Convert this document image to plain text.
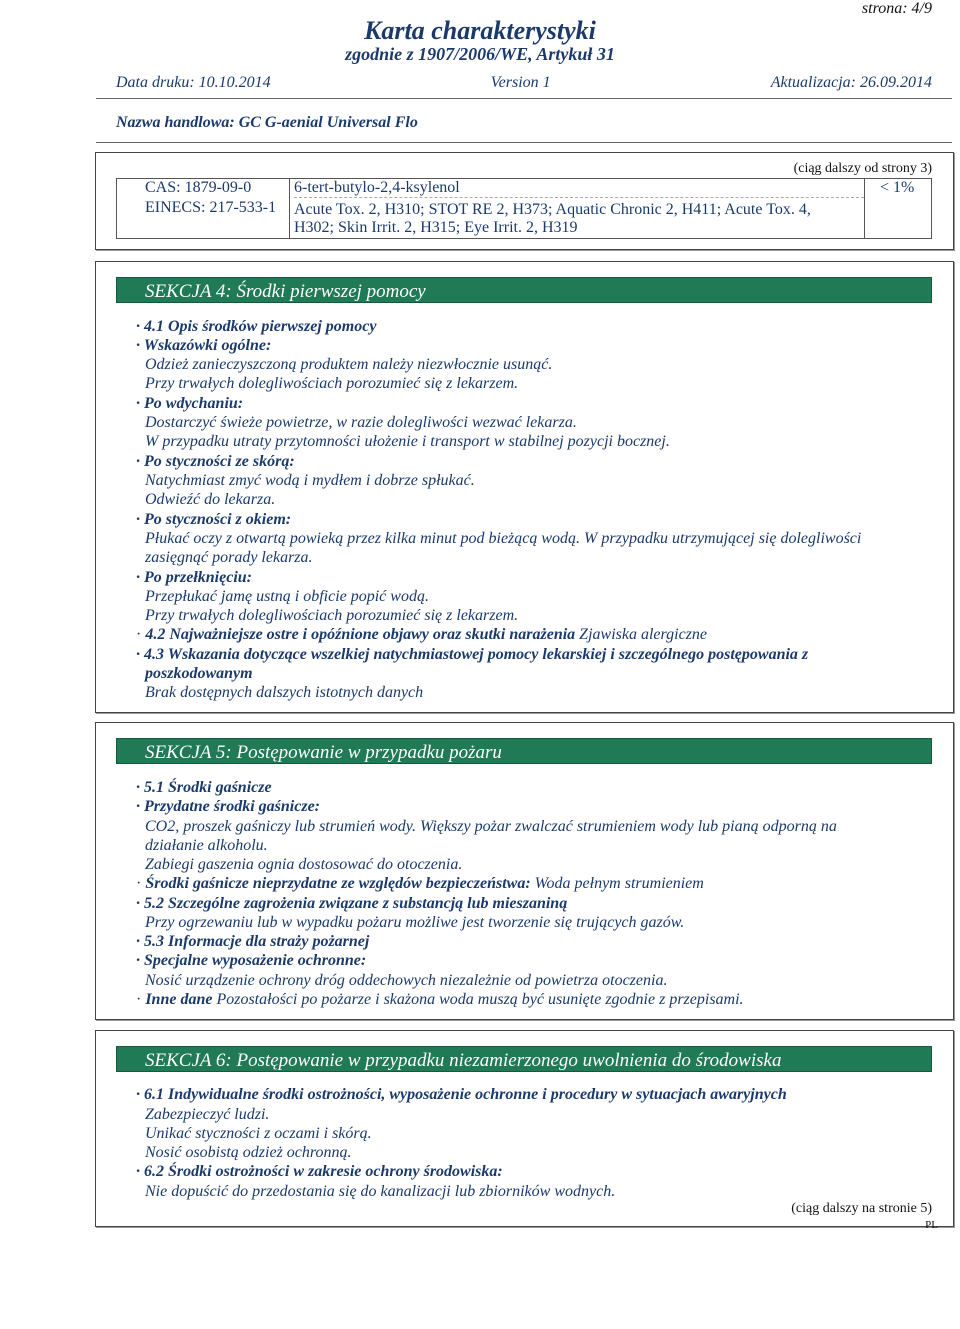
strona: 4/9
Karta charakterystyki
zgodnie z 1907/2006/WE, Artykuł 31
Data druku: 10.10.2014	Version 1	Aktualizacja: 26.09.2014
Nazwa handlowa: GC G-aenial Universal Flo
(ciąg dalszy od strony 3)
CAS: 1879-09-0
EINECS: 217-533-1
6-tert-butylo-2,4-ksylenol
Acute Tox. 2, H310; STOT RE 2, H373; Aquatic Chronic 2, H411; Acute Tox. 4,
H302; Skin Irrit. 2, H315; Eye Irrit. 2, H319
< 1%
SEKCJA 4: Środki pierwszej pomocy
· 4.1 Opis środków pierwszej pomocy
· Wskazówki ogólne:
Odzież zanieczyszczoną produktem należy niezwłocznie usunąć.
Przy trwałych dolegliwościach porozumieć się z lekarzem.
· Po wdychaniu:
Dostarczyć świeże powietrze, w razie dolegliwości wezwać lekarza.
W przypadku utraty przytomności ułożenie i transport w stabilnej pozycji bocznej.
· Po styczności ze skórą:
Natychmiast zmyć wodą i mydłem i dobrze spłukać.
Odwieźć do lekarza.
· Po styczności z okiem:
Płukać oczy z otwartą powieką przez kilka minut pod bieżącą wodą. W przypadku utrzymującej się dolegliwości
zasięgnąć porady lekarza.
· Po przełknięciu:
Przepłukać jamę ustną i obficie popić wodą.
Przy trwałych dolegliwościach porozumieć się z lekarzem.
· 4.2 Najważniejsze ostre i opóźnione objawy oraz skutki narażenia Zjawiska alergiczne
· 4.3 Wskazania dotyczące wszelkiej natychmiastowej pomocy lekarskiej i szczególnego postępowania z
poszkodowanym
Brak dostępnych dalszych istotnych danych
SEKCJA 5: Postępowanie w przypadku pożaru
· 5.1 Środki gaśnicze
· Przydatne środki gaśnicze:
CO2, proszek gaśniczy lub strumień wody. Większy pożar zwalczać strumieniem wody lub pianą odporną na
działanie alkoholu.
Zabiegi gaszenia ognia dostosować do otoczenia.
· Środki gaśnicze nieprzydatne ze względów bezpieczeństwa: Woda pełnym strumieniem
· 5.2 Szczególne zagrożenia związane z substancją lub mieszaniną
Przy ogrzewaniu lub w wypadku pożaru możliwe jest tworzenie się trujących gazów.
· 5.3 Informacje dla straży pożarnej
· Specjalne wyposażenie ochronne:
Nosić urządzenie ochrony dróg oddechowych niezależnie od powietrza otoczenia.
· Inne dane Pozostałości po pożarze i skażona woda muszą być usunięte zgodnie z przepisami.
SEKCJA 6: Postępowanie w przypadku niezamierzonego uwolnienia do środowiska
· 6.1 Indywidualne środki ostrożności, wyposażenie ochronne i procedury w sytuacjach awaryjnych
Zabezpieczyć ludzi.
Unikać styczności z oczami i skórą.
Nosić osobistą odzież ochronną.
· 6.2 Środki ostrożności w zakresie ochrony środowiska:
Nie dopuścić do przedostania się do kanalizacji lub zbiorników wodnych.
(ciąg dalszy na stronie 5)
PL
